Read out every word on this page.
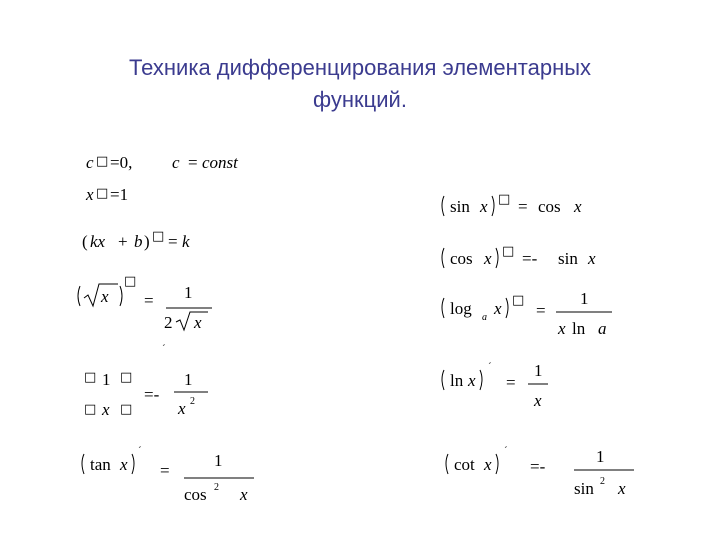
Техника дифференцирования элементарных
функций.
c □ =0, c = const
x □ =1
( kx + b ) □ = k
x
□
= 1
2 x
´
□
□
1
x
□
□
=-
1
x 2
tan x
´
=
1
cos 2 x
sin x □ = cos x
cos x □ =- sin x
log a x □
=
1
x ln a
ln x
´
=
1
x
cot x
´
=-
1
sin 2 x
